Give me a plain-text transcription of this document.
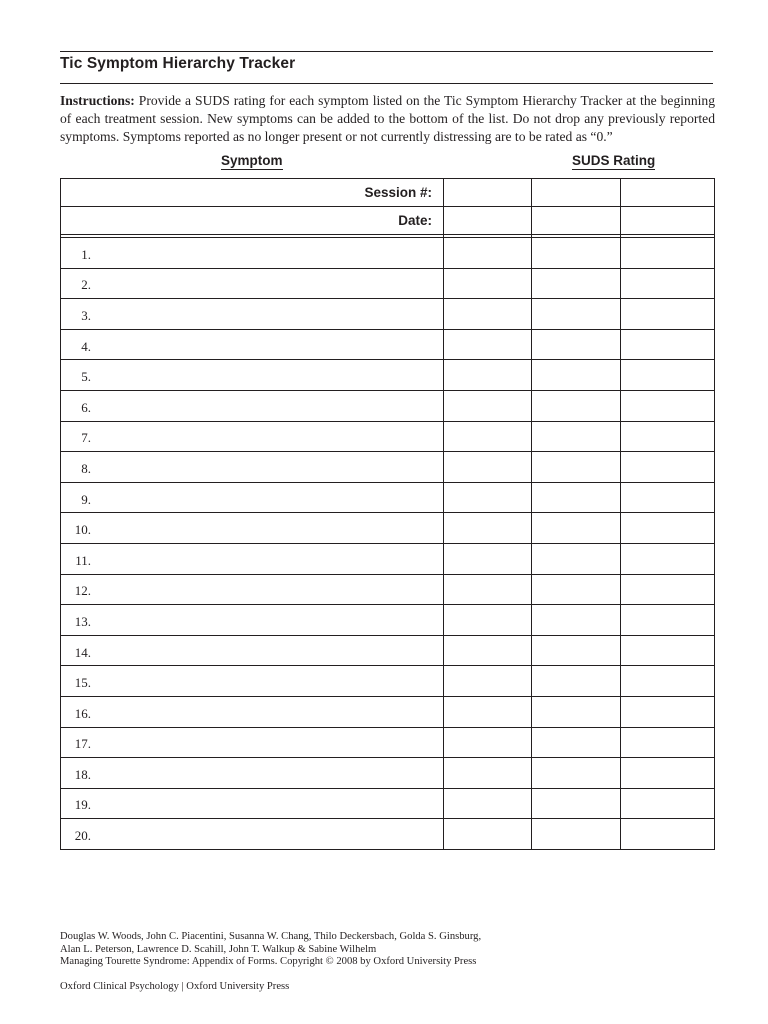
Tic Symptom Hierarchy Tracker
Instructions: Provide a SUDS rating for each symptom listed on the Tic Symptom Hierarchy Tracker at the beginning of each treatment session. New symptoms can be added to the bottom of the list. Do not drop any previously reported symptoms. Symptoms reported as no longer present or not currently distressing are to be rated as “0.”
Symptom	SUDS Rating
Session #:			
Date:			

1.			
2.			
3.			
4.			
5.			
6.			
7.			
8.			
9.			
10.			
11.			
12.			
13.			
14.			
15.			
16.			
17.			
18.			
19.			
20.			
Douglas W. Woods, John C. Piacentini, Susanna W. Chang, Thilo Deckersbach, Golda S. Ginsburg,
Alan L. Peterson, Lawrence D. Scahill, John T. Walkup & Sabine Wilhelm
Managing Tourette Syndrome: Appendix of Forms. Copyright © 2008 by Oxford University Press
Oxford Clinical Psychology | Oxford University Press
